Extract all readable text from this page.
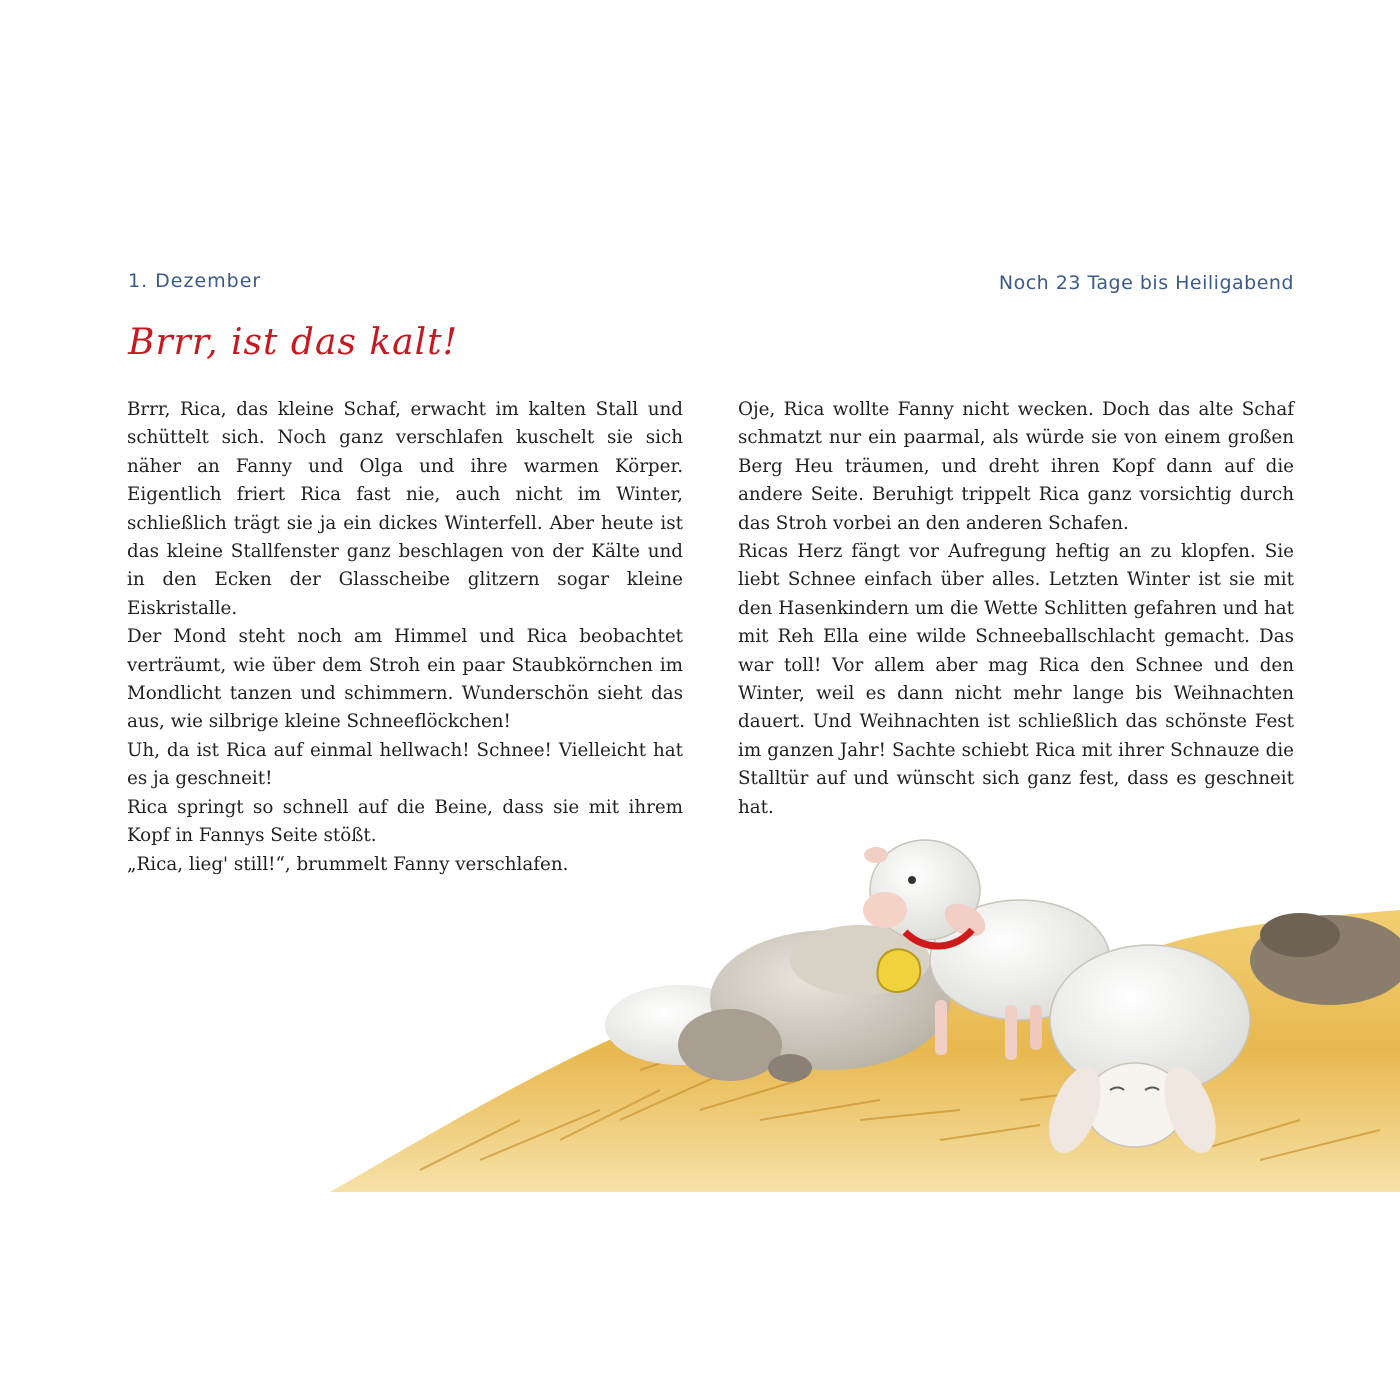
1. Dezember	Noch 23 Tage bis Heiligabend
Brrr, ist das kalt!

Brrr, Rica, das kleine Schaf, erwacht im kalten Stall und schüttelt sich. Noch ganz verschlafen kuschelt sie sich näher an Fanny und Olga und ihre warmen Körper. Eigentlich friert Rica fast nie, auch nicht im Winter, schließlich trägt sie ja ein dickes Winterfell. Aber heute ist das kleine Stallfenster ganz beschlagen von der Kälte und in den Ecken der Glasscheibe glitzern sogar kleine Eiskristalle.

Der Mond steht noch am Himmel und Rica beobachtet verträumt, wie über dem Stroh ein paar Staubkörnchen im Mondlicht tanzen und schimmern. Wunderschön sieht das aus, wie silbrige kleine Schneeflöckchen!

Uh, da ist Rica auf einmal hellwach! Schnee! Vielleicht hat es ja geschneit!

Rica springt so schnell auf die Beine, dass sie mit ihrem Kopf in Fannys Seite stößt.

„Rica, lieg' still!“, brummelt Fanny verschlafen.

Oje, Rica wollte Fanny nicht wecken. Doch das alte Schaf schmatzt nur ein paarmal, als würde sie von einem großen Berg Heu träumen, und dreht ihren Kopf dann auf die andere Seite. Beruhigt trippelt Rica ganz vorsichtig durch das Stroh vorbei an den anderen Schafen.

Ricas Herz fängt vor Aufregung heftig an zu klopfen. Sie liebt Schnee einfach über alles. Letzten Winter ist sie mit den Hasenkindern um die Wette Schlitten gefahren und hat mit Reh Ella eine wilde Schneeballschlacht gemacht. Das war toll! Vor allem aber mag Rica den Schnee und den Winter, weil es dann nicht mehr lange bis Weihnachten dauert. Und Weihnachten ist schließlich das schönste Fest im ganzen Jahr! Sachte schiebt Rica mit ihrer Schnauze die Stalltür auf und wünscht sich ganz fest, dass es geschneit hat.
